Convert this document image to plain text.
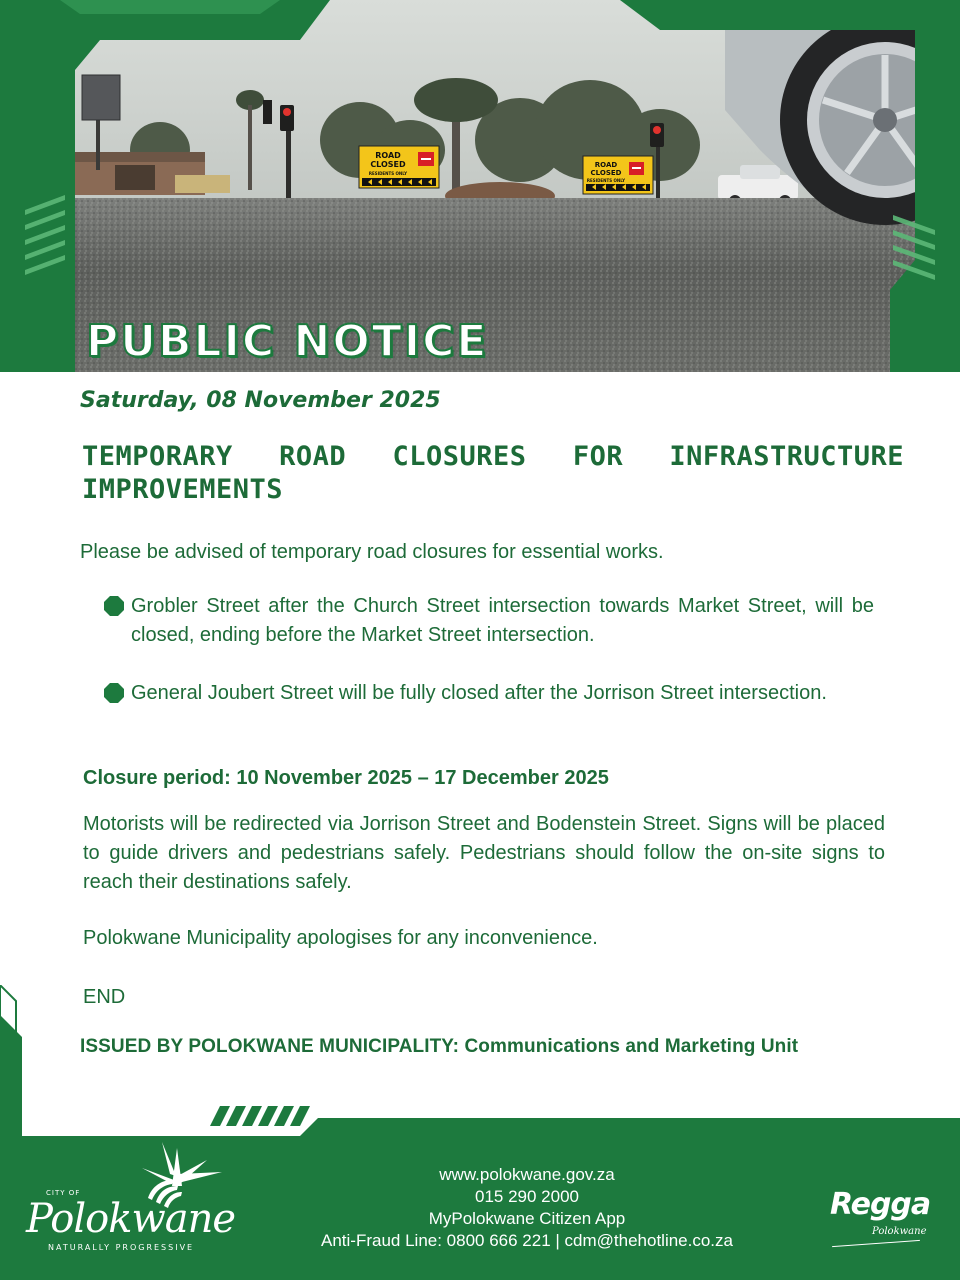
ROAD
CLOSED
RESIDENTS ONLY
ROAD
CLOSED
RESIDENTS ONLY
PUBLIC NOTICE

Saturday, 08 November 2025

TEMPORARY ROAD CLOSURES FOR INFRASTRUCTURE IMPROVEMENTS

Please be advised of temporary road closures for essential works.

Grobler Street after the Church Street intersection towards Market Street, will be closed, ending before the Market Street intersection.
General Joubert Street will be fully closed after the Jorrison Street intersection.

Closure period: 10 November 2025 – 17 December 2025

Motorists will be redirected via Jorrison Street and Bodenstein Street. Signs will be placed to guide drivers and pedestrians safely. Pedestrians should follow the on-site signs to reach their destinations safely.

Polokwane Municipality apologises for any inconvenience.

END

ISSUED BY POLOKWANE MUNICIPALITY: Communications and Marketing Unit

CITY OF
Polokwane
NATURALLY PROGRESSIVE
www.polokwane.gov.za
015 290 2000
MyPolokwane Citizen App
Anti-Fraud Line: 0800 666 221 | cdm@thehotline.co.za
Regga
Polokwane
